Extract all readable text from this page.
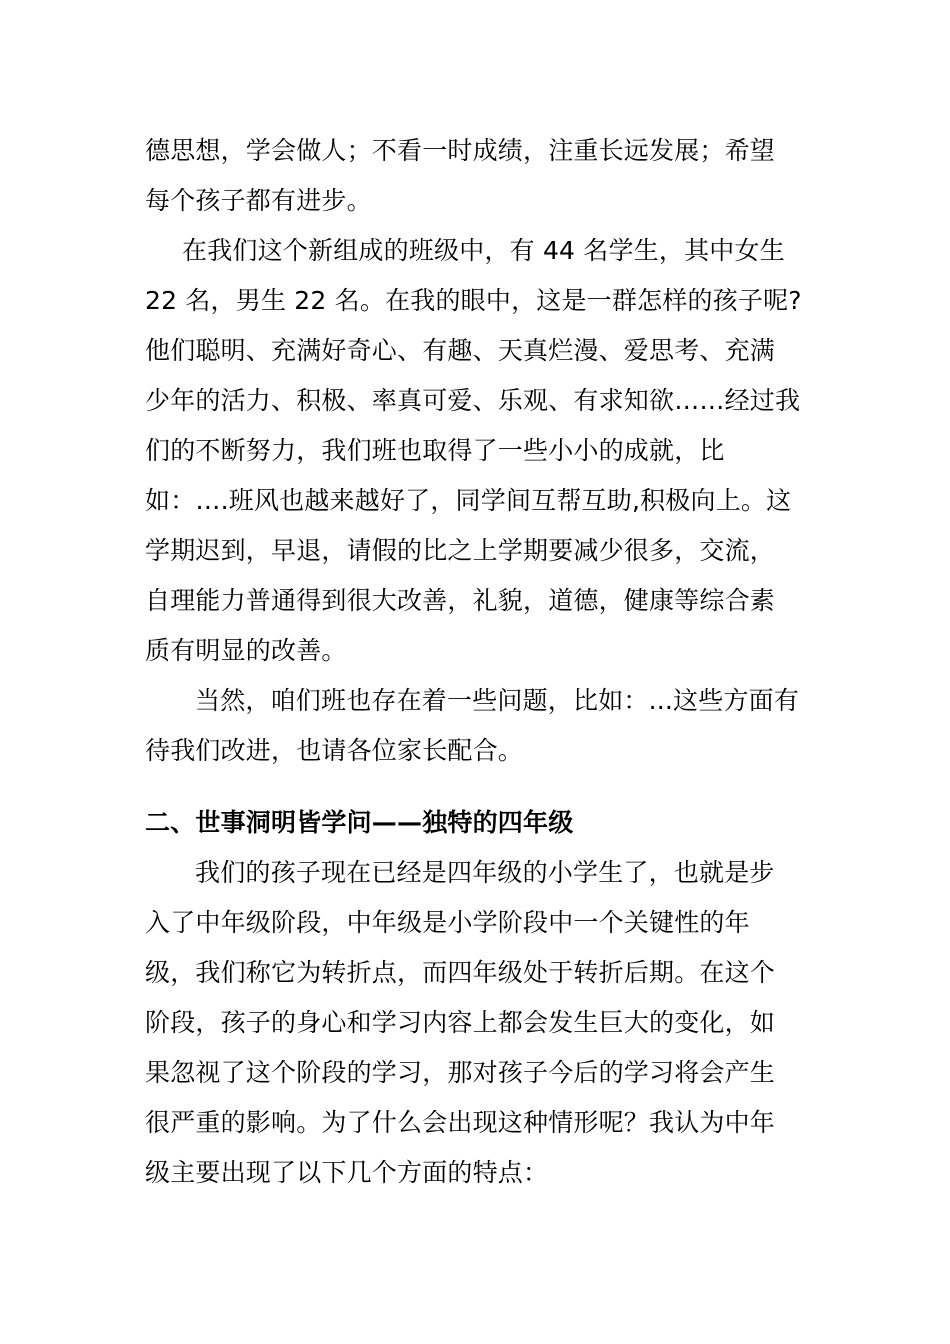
德思想，学会做人；不看一时成绩，注重长远发展；希望
每个孩子都有进步。
在我们这个新组成的班级中，有 44 名学生，其中女生
22 名，男生 22 名。在我的眼中，这是一群怎样的孩子呢?
他们聪明、充满好奇心、有趣、天真烂漫、爱思考、充满
少年的活力、积极、率真可爱、乐观、有求知欲……经过我
们的不断努力，我们班也取得了一些小小的成就，比
如：….班风也越来越好了，同学间互帮互助,积极向上。这
学期迟到，早退，请假的比之上学期要减少很多，交流，
自理能力普通得到很大改善，礼貌，道德，健康等综合素
质有明显的改善。
当然，咱们班也存在着一些问题，比如：...这些方面有
待我们改进，也请各位家长配合。
二、世事洞明皆学问——独特的四年级
我们的孩子现在已经是四年级的小学生了，也就是步
入了中年级阶段，中年级是小学阶段中一个关键性的年
级，我们称它为转折点，而四年级处于转折后期。在这个
阶段，孩子的身心和学习内容上都会发生巨大的变化，如
果忽视了这个阶段的学习，那对孩子今后的学习将会产生
很严重的影响。为了什么会出现这种情形呢？我认为中年
级主要出现了以下几个方面的特点：
